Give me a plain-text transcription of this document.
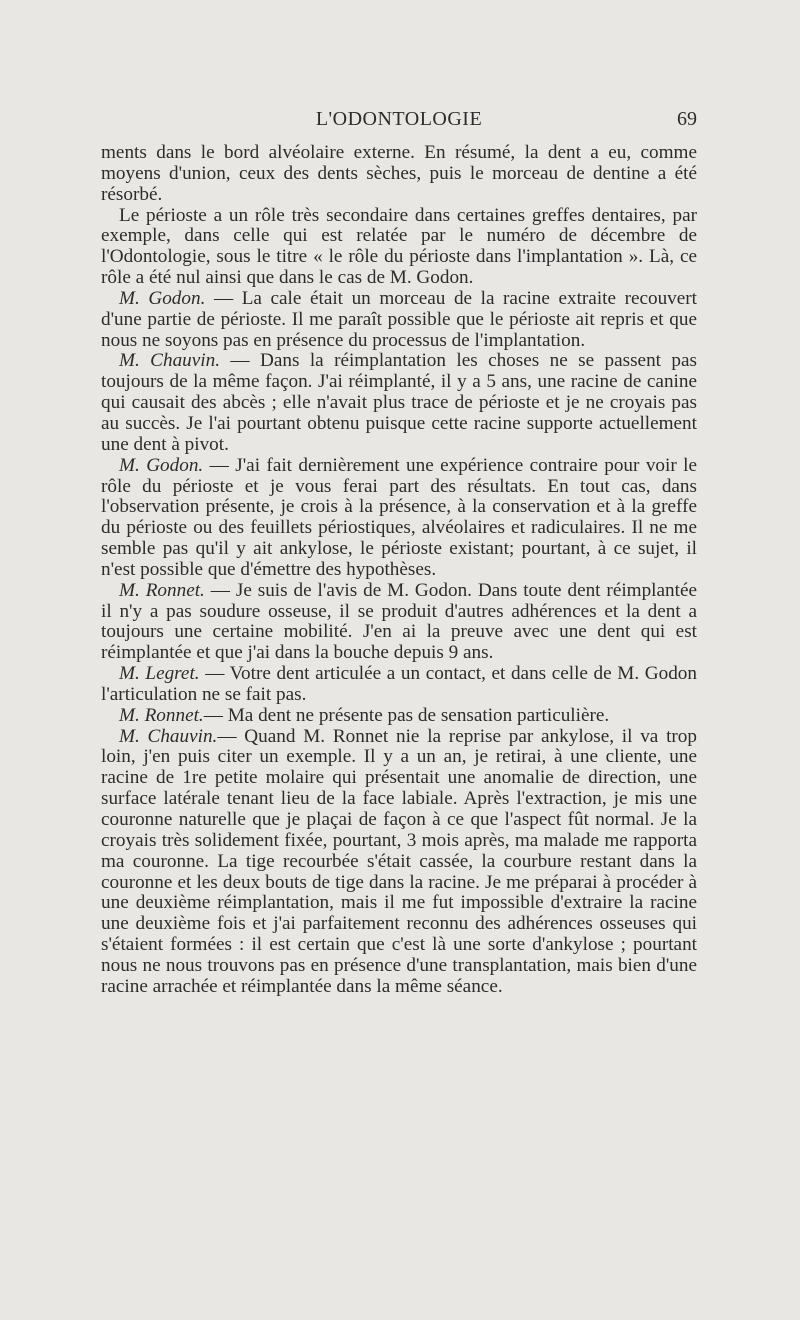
L'ODONTOLOGIE	69

ments dans le bord alvéolaire externe. En résumé, la dent a eu, comme moyens d'union, ceux des dents sèches, puis le morceau de dentine a été résorbé.

Le périoste a un rôle très secondaire dans certaines greffes dentaires, par exemple, dans celle qui est relatée par le numéro de décembre de l'Odontologie, sous le titre « le rôle du périoste dans l'implantation ». Là, ce rôle a été nul ainsi que dans le cas de M. Godon.

M. Godon. — La cale était un morceau de la racine extraite recouvert d'une partie de périoste. Il me paraît possible que le périoste ait repris et que nous ne soyons pas en présence du processus de l'implantation.

M. Chauvin. — Dans la réimplantation les choses ne se passent pas toujours de la même façon. J'ai réimplanté, il y a 5 ans, une racine de canine qui causait des abcès ; elle n'avait plus trace de périoste et je ne croyais pas au succès. Je l'ai pourtant obtenu puisque cette racine supporte actuellement une dent à pivot.

M. Godon. — J'ai fait dernièrement une expérience contraire pour voir le rôle du périoste et je vous ferai part des résultats. En tout cas, dans l'observation présente, je crois à la présence, à la conservation et à la greffe du périoste ou des feuillets périostiques, alvéolaires et radiculaires. Il ne me semble pas qu'il y ait ankylose, le périoste existant; pourtant, à ce sujet, il n'est possible que d'émettre des hypothèses.

M. Ronnet. — Je suis de l'avis de M. Godon. Dans toute dent réimplantée il n'y a pas soudure osseuse, il se produit d'autres adhérences et la dent a toujours une certaine mobilité. J'en ai la preuve avec une dent qui est réimplantée et que j'ai dans la bouche depuis 9 ans.

M. Legret. — Votre dent articulée a un contact, et dans celle de M. Godon l'articulation ne se fait pas.

M. Ronnet.— Ma dent ne présente pas de sensation particulière.

M. Chauvin.— Quand M. Ronnet nie la reprise par ankylose, il va trop loin, j'en puis citer un exemple. Il y a un an, je retirai, à une cliente, une racine de 1re petite molaire qui présentait une anomalie de direction, une surface latérale tenant lieu de la face labiale. Après l'extraction, je mis une couronne naturelle que je plaçai de façon à ce que l'aspect fût normal. Je la croyais très solidement fixée, pourtant, 3 mois après, ma malade me rapporta ma couronne. La tige recourbée s'était cassée, la courbure restant dans la couronne et les deux bouts de tige dans la racine. Je me préparai à procéder à une deuxième réimplantation, mais il me fut impossible d'extraire la racine une deuxième fois et j'ai parfaitement reconnu des adhérences osseuses qui s'étaient formées : il est certain que c'est là une sorte d'ankylose ; pourtant nous ne nous trouvons pas en présence d'une transplantation, mais bien d'une racine arrachée et réimplantée dans la même séance.
